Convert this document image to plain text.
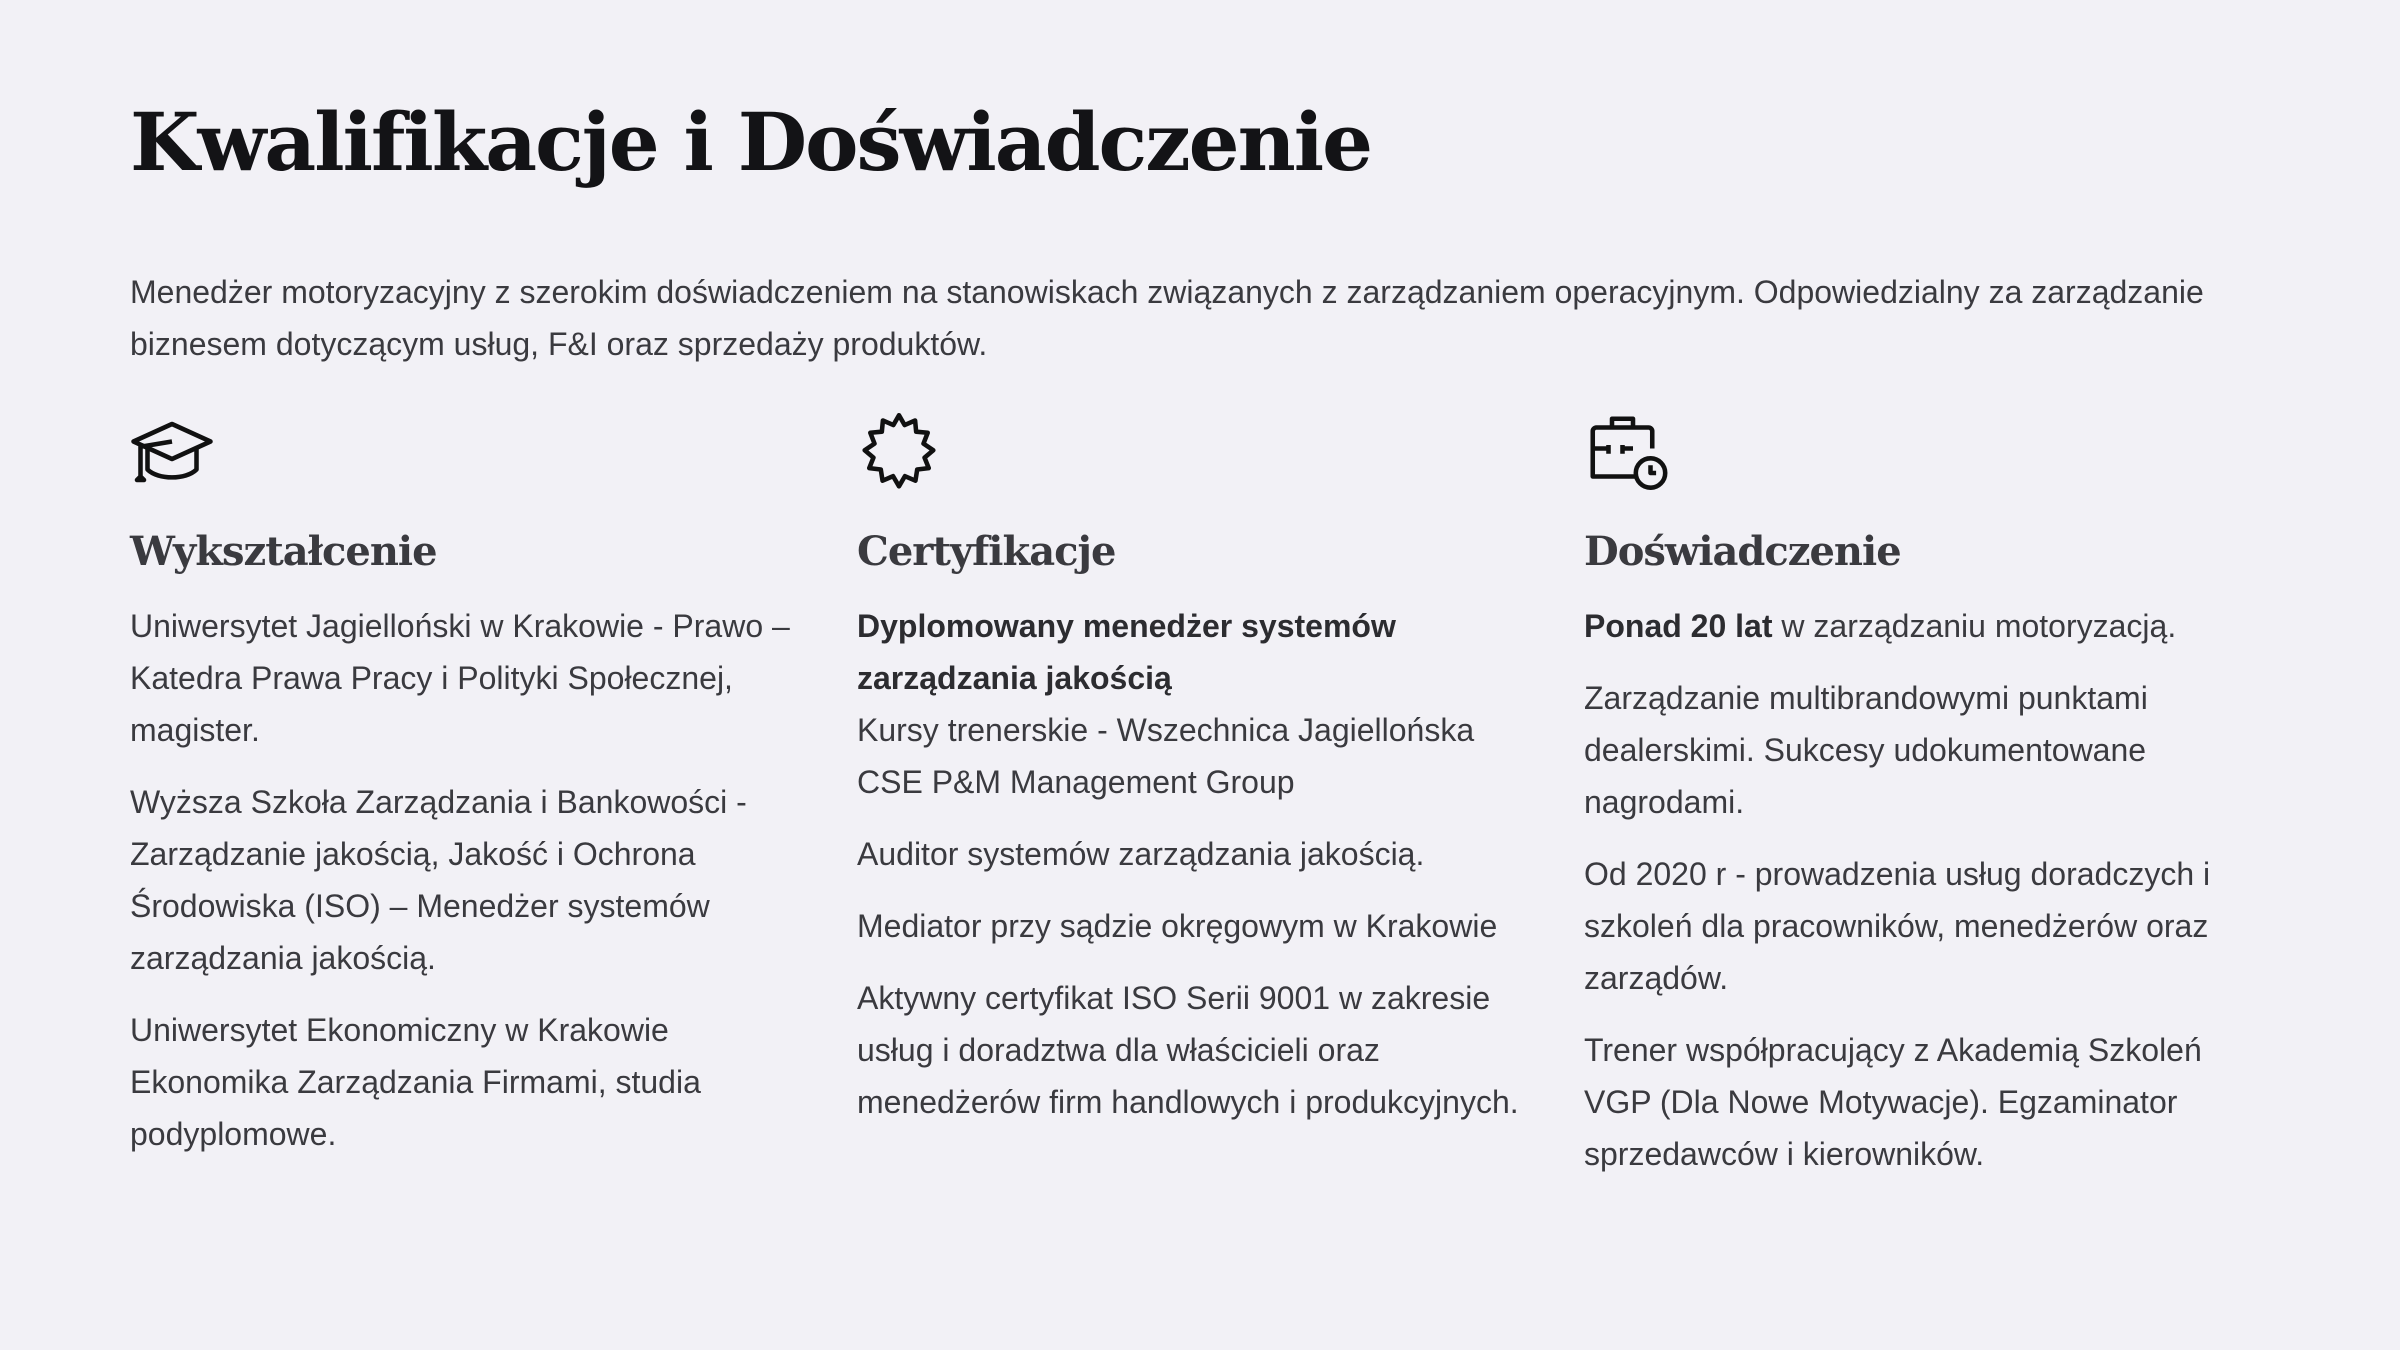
Kwalifikacje i Doświadczenie

Menedżer motoryzacyjny z szerokim doświadczeniem na stanowiskach związanych z zarządzaniem operacyjnym. Odpowiedzialny za zarządzanie biznesem dotyczącym usług, F&I oraz sprzedaży produktów.

Wykształcenie

Uniwersytet Jagielloński w Krakowie - Prawo – Katedra Prawa Pracy i Polityki Społecznej, magister.

Wyższa Szkoła Zarządzania i Bankowości - Zarządzanie jakością, Jakość i Ochrona Środowiska (ISO) – Menedżer systemów zarządzania jakością.

Uniwersytet Ekonomiczny w Krakowie Ekonomika Zarządzania Firmami, studia podyplomowe.

Certyfikacje

Dyplomowany menedżer systemów zarządzania jakością
Kursy trenerskie - Wszechnica Jagiellońska
CSE P&M Management Group

Auditor systemów zarządzania jakością.

Mediator przy sądzie okręgowym w Krakowie

Aktywny certyfikat ISO Serii 9001 w zakresie usług i doradztwa dla właścicieli oraz menedżerów firm handlowych i produkcyjnych.

Doświadczenie

Ponad 20 lat w zarządzaniu motoryzacją.

Zarządzanie multibrandowymi punktami dealerskimi. Sukcesy udokumentowane nagrodami.

Od 2020 r - prowadzenia usług doradczych i szkoleń dla pracowników, menedżerów oraz zarządów.

Trener współpracujący z Akademią Szkoleń VGP (Dla Nowe Motywacje). Egzaminator sprzedawców i kierowników.
